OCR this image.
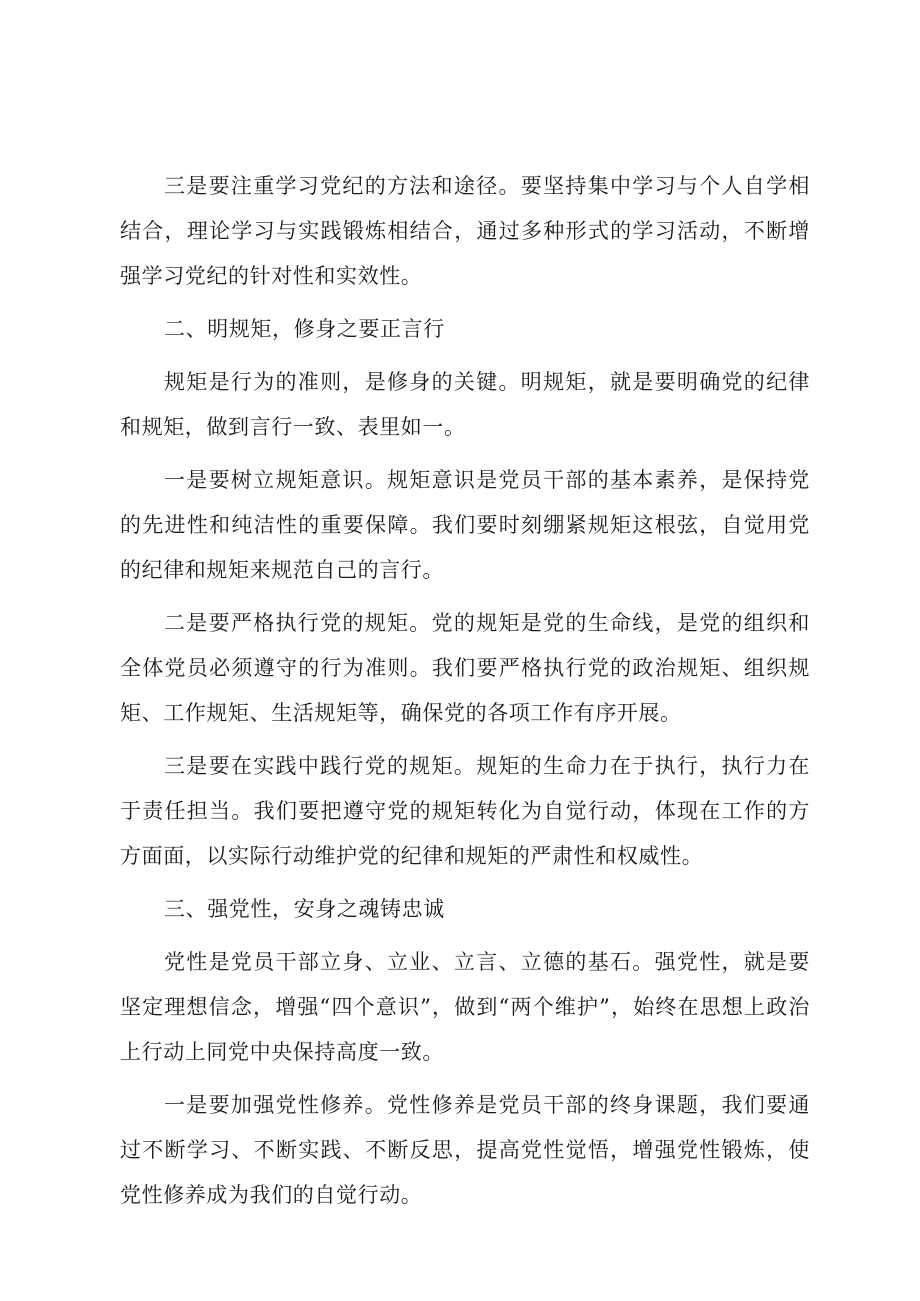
三是要注重学习党纪的方法和途径。要坚持集中学习与个人自学相结合，理论学习与实践锻炼相结合，通过多种形式的学习活动，不断增强学习党纪的针对性和实效性。

二、明规矩，修身之要正言行

规矩是行为的准则，是修身的关键。明规矩，就是要明确党的纪律和规矩，做到言行一致、表里如一。

一是要树立规矩意识。规矩意识是党员干部的基本素养，是保持党的先进性和纯洁性的重要保障。我们要时刻绷紧规矩这根弦，自觉用党的纪律和规矩来规范自己的言行。

二是要严格执行党的规矩。党的规矩是党的生命线，是党的组织和全体党员必须遵守的行为准则。我们要严格执行党的政治规矩、组织规矩、工作规矩、生活规矩等，确保党的各项工作有序开展。

三是要在实践中践行党的规矩。规矩的生命力在于执行，执行力在于责任担当。我们要把遵守党的规矩转化为自觉行动，体现在工作的方方面面，以实际行动维护党的纪律和规矩的严肃性和权威性。

三、强党性，安身之魂铸忠诚

党性是党员干部立身、立业、立言、立德的基石。强党性，就是要坚定理想信念，增强“四个意识”，做到“两个维护”，始终在思想上政治上行动上同党中央保持高度一致。

一是要加强党性修养。党性修养是党员干部的终身课题，我们要通过不断学习、不断实践、不断反思，提高党性觉悟，增强党性锻炼，使党性修养成为我们的自觉行动。
